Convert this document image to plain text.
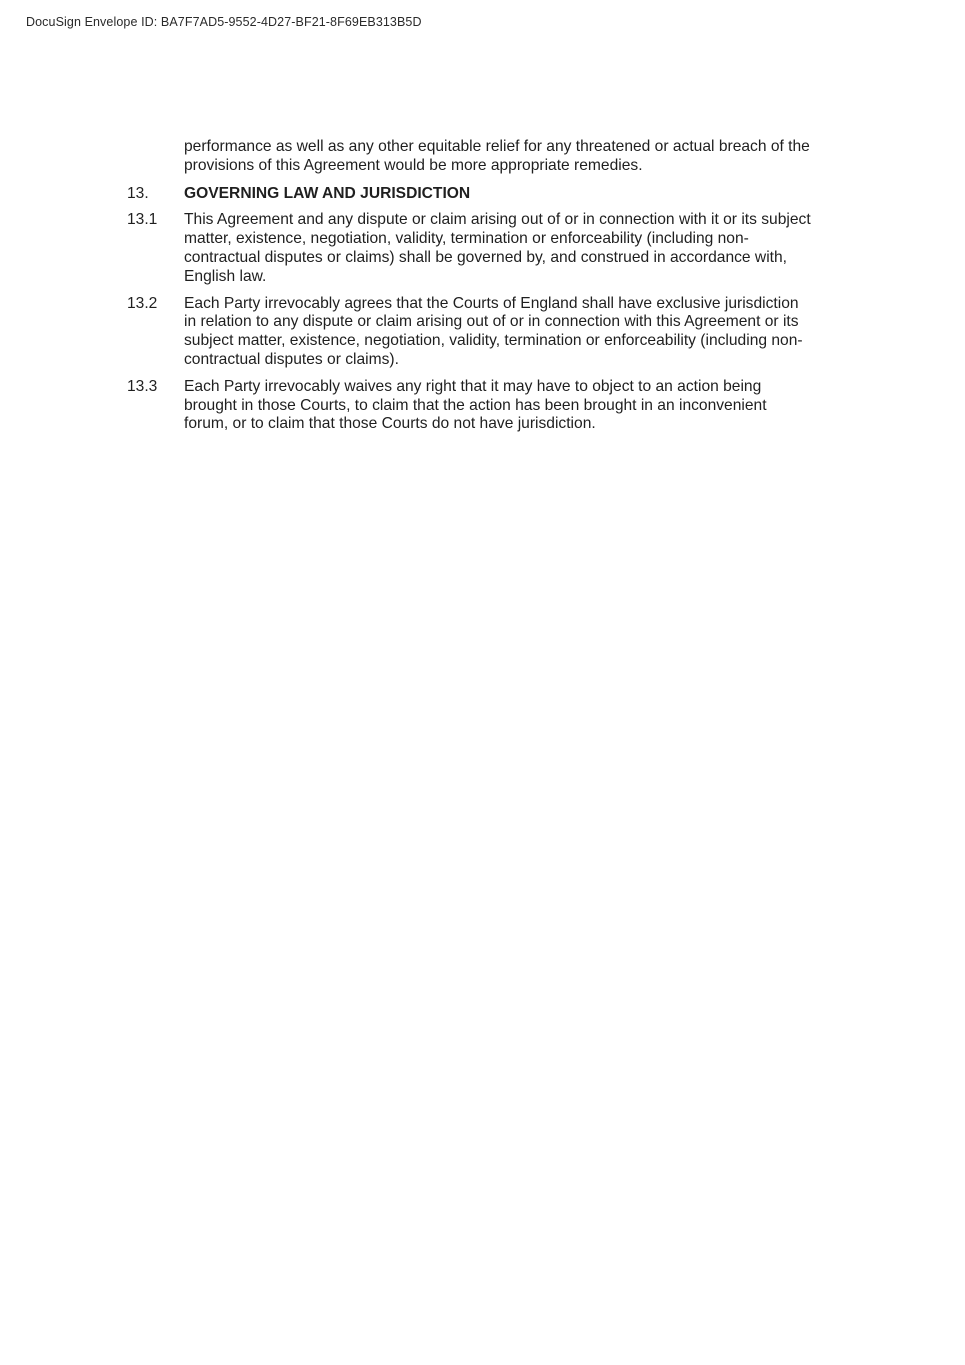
DocuSign Envelope ID: BA7F7AD5-9552-4D27-BF21-8F69EB313B5D
performance as well as any other equitable relief for any threatened or actual breach of the
provisions of this Agreement would be more appropriate remedies.
13.	GOVERNING LAW AND JURISDICTION
13.1	This Agreement and any dispute or claim arising out of or in connection with it or its subject
matter, existence, negotiation, validity, termination or enforceability (including non-
contractual disputes or claims) shall be governed by, and construed in accordance with,
English law.
13.2	Each Party irrevocably agrees that the Courts of England shall have exclusive jurisdiction
in relation to any dispute or claim arising out of or in connection with this Agreement or its
subject matter, existence, negotiation, validity, termination or enforceability (including non-
contractual disputes or claims).
13.3	Each Party irrevocably waives any right that it may have to object to an action being
brought in those Courts, to claim that the action has been brought in an inconvenient
forum, or to claim that those Courts do not have jurisdiction.
